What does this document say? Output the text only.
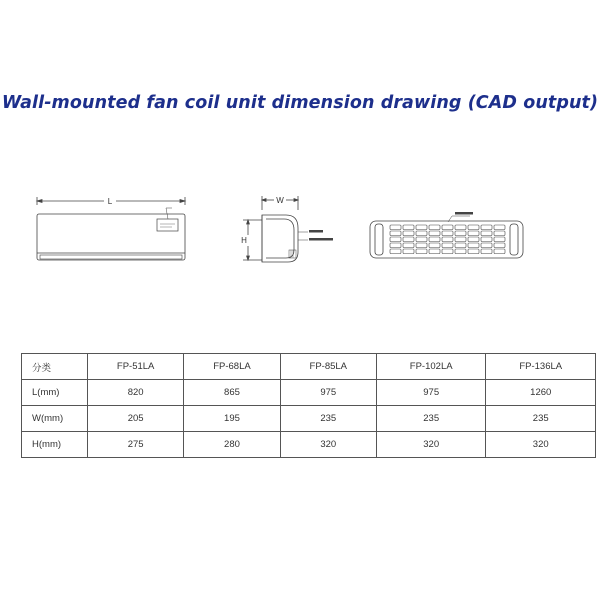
Wall-mounted fan coil unit dimension drawing (CAD output)
L	W
H
分类	FP-51LA	FP-68LA	FP-85LA	FP-102LA	FP-136LA
L(mm)	820	865	975	975	1260
W(mm)	205	195	235	235	235
H(mm)	275	280	320	320	320
